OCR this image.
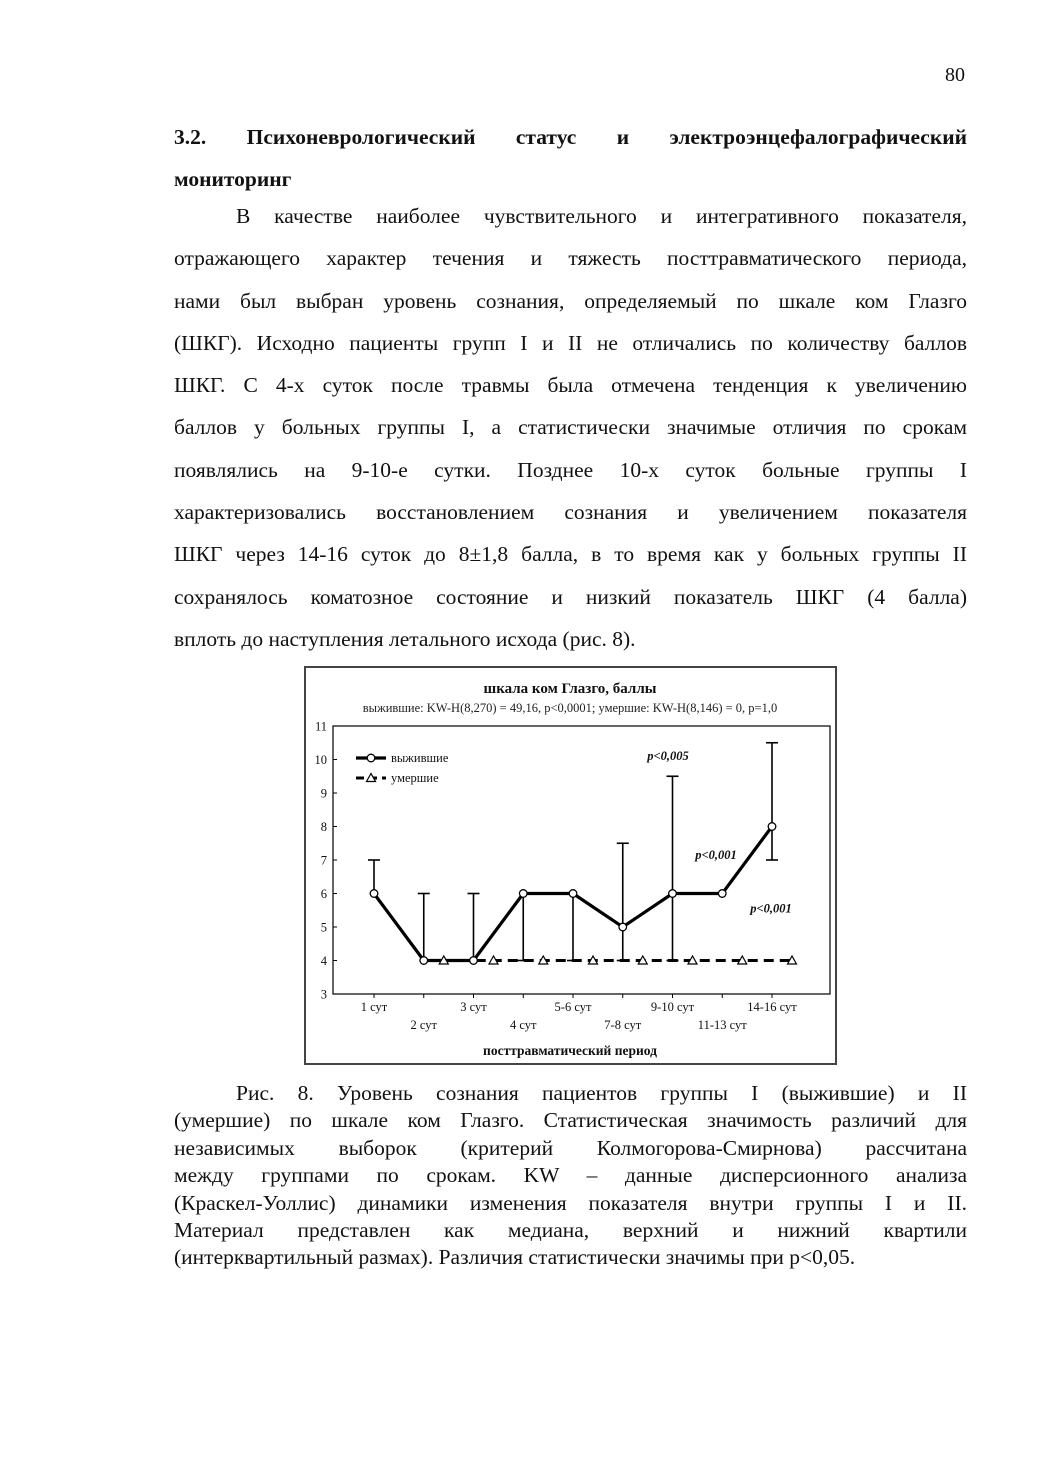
80
3.2. Психоневрологический статус и электроэнцефалографический
мониторинг
В качестве наиболее чувствительного и интегративного показателя,
отражающего характер течения и тяжесть посттравматического периода,
нами был выбран уровень сознания, определяемый по шкале ком Глазго
(ШКГ). Исходно пациенты групп I и II не отличались по количеству баллов
ШКГ. С 4-х суток после травмы была отмечена тенденция к увеличению
баллов у больных группы I, а статистически значимые отличия по срокам
появлялись на 9-10-е сутки. Позднее 10-х суток больные группы I
характеризовались восстановлением сознания и увеличением показателя
ШКГ через 14-16 суток до 8±1,8 балла, в то время как у больных группы II
сохранялось коматозное состояние и низкий показатель ШКГ (4 балла)
вплоть до наступления летального исхода (рис. 8).
шкала ком Глазго, баллы
выжившие: KW-H(8,270) = 49,16, p<0,0001; умершие: KW-H(8,146) = 0, p=1,0
3
4
5
6
7
8
9
10
11
1 сут
2 сут
3 сут
4 сут
5-6 сут
7-8 сут
9-10 сут
11-13 сут
14-16 сут
посттравматический период
p<0,005
p<0,001
p<0,001
выжившие
умершие
Рис. 8. Уровень сознания пациентов группы I (выжившие) и II
(умершие) по шкале ком Глазго. Статистическая значимость различий для
независимых выборок (критерий Колмогорова-Смирнова) рассчитана
между группами по срокам. KW – данные дисперсионного анализа
(Краскел-Уоллис) динамики изменения показателя внутри группы I и II.
Материал представлен как медиана, верхний и нижний квартили
(интерквартильный размах). Различия статистически значимы при p<0,05.
